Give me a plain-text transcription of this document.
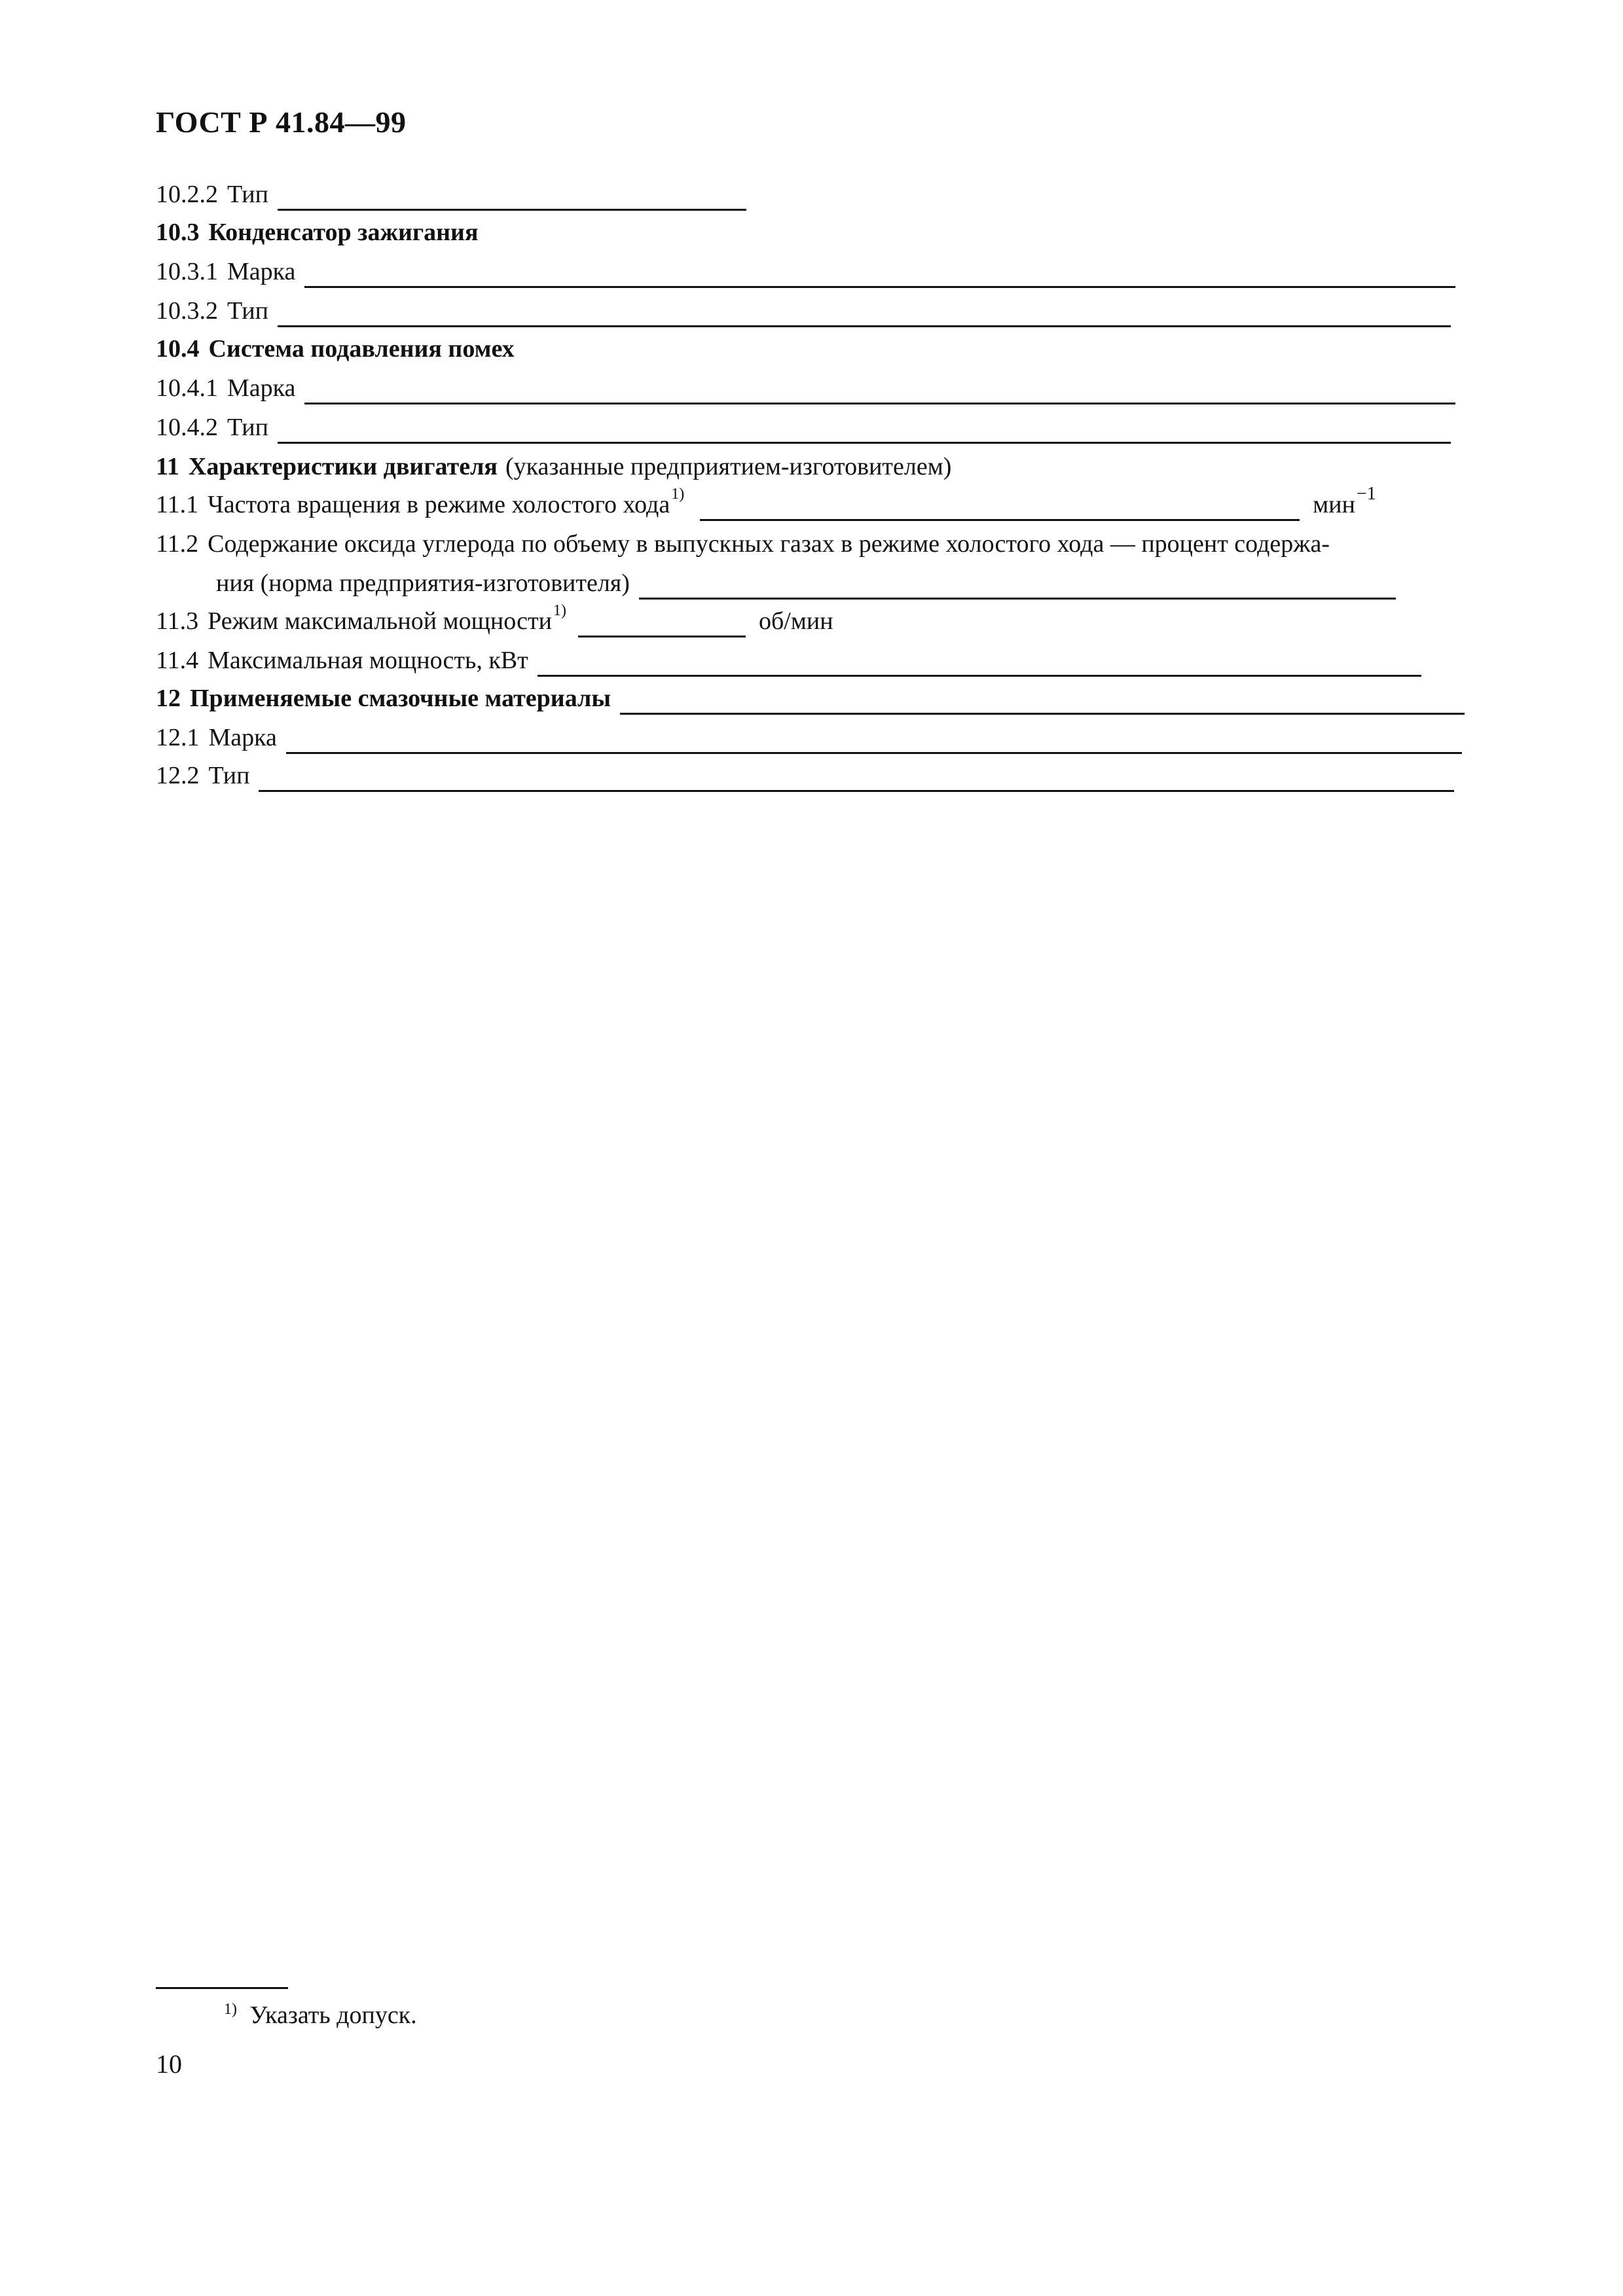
ГОСТ Р 41.84—99
10.2.2 Тип
10.3 Конденсатор зажигания
10.3.1 Марка
10.3.2 Тип
10.4 Система подавления помех
10.4.1 Марка
10.4.2 Тип
11 Характеристики двигателя (указанные предприятием-изготовителем)
11.1 Частота вращения в режиме холостого хода 1)	мин −1
11.2 Содержание оксида углерода по объему в выпускных газах в режиме холостого хода — процент содержа-
ния (норма предприятия-изготовителя)
11.3 Режим максимальной мощности 1)	об/мин
11.4 Максимальная мощность, кВт
12 Применяемые смазочные материалы
12.1 Марка
12.2 Тип
$^{1)}$ Указать допуск.
10
